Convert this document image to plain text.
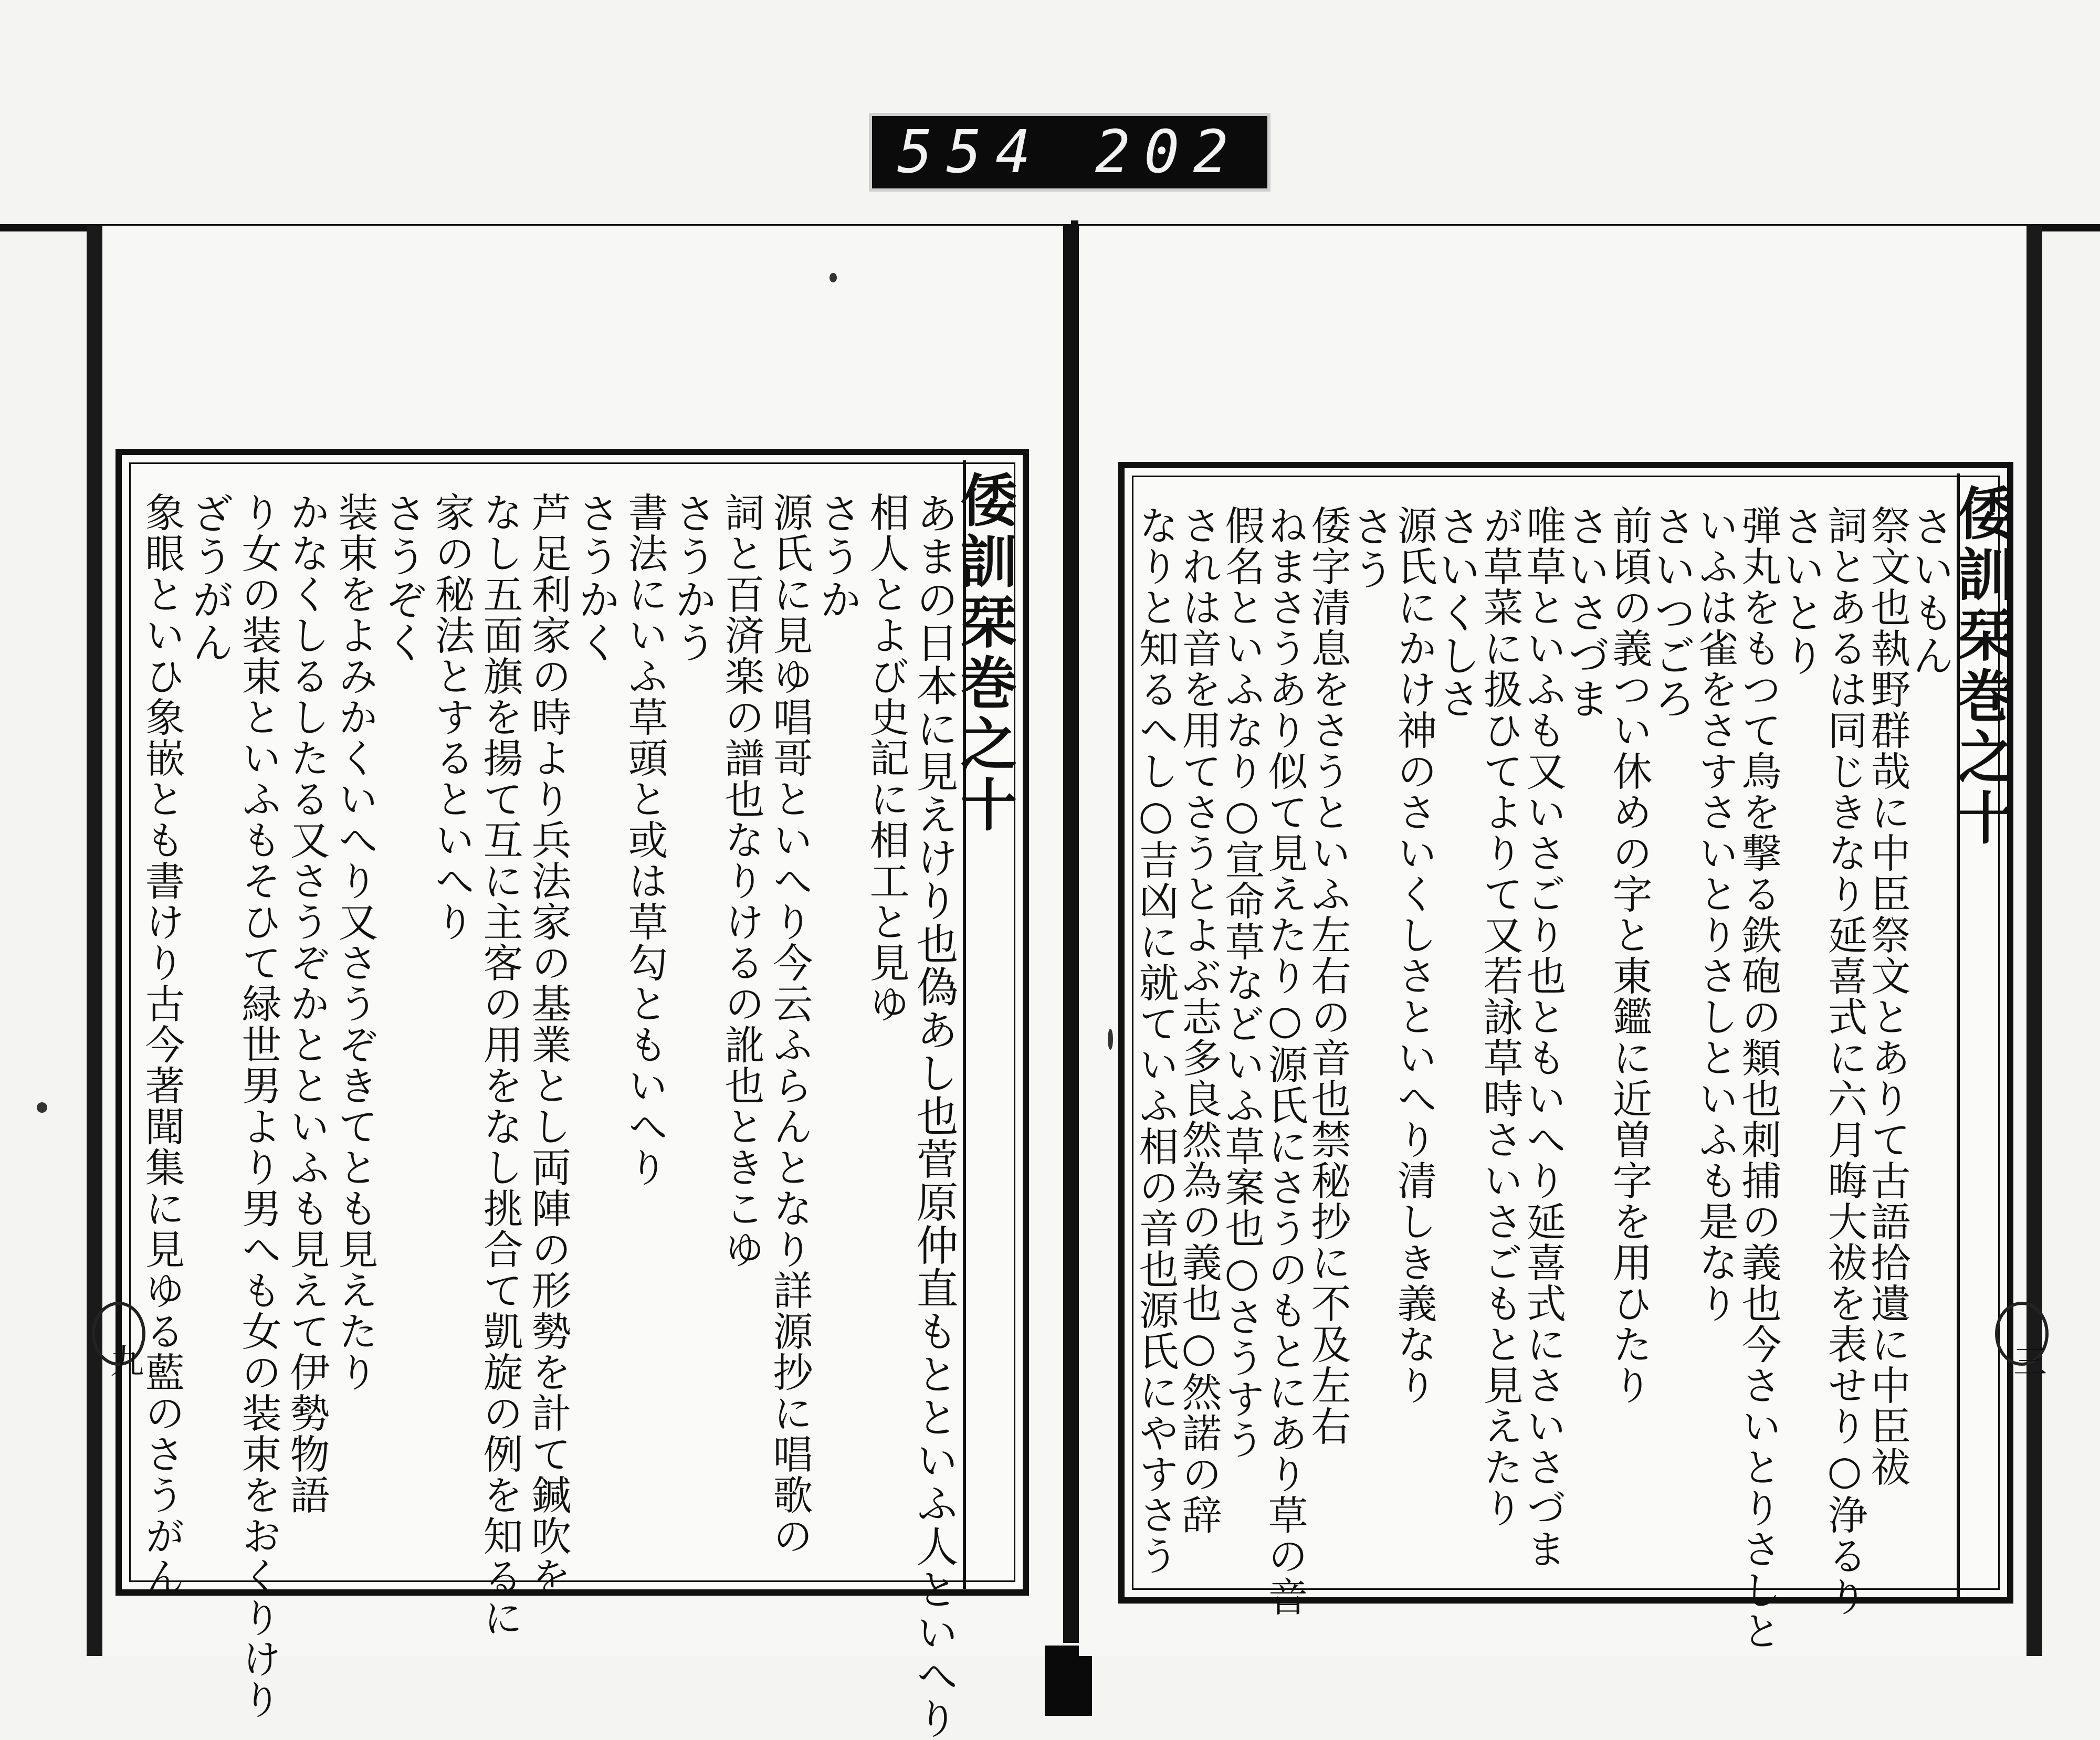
554 202
倭訓栞巻之十
あまの日本に見えけり也偽あし也菅原仲直もとといふ人といへり
相人とよび史記に相工と見ゆ
さうか
源氏に見ゆ唱哥といへり今云ふらんとなり詳源抄に唱歌の
詞と百済楽の譜也なりけるの訛也ときこゆ
さうかう
書法にいふ草頭と或は草勾ともいへり
さうかく
芦足利家の時より兵法家の基業とし両陣の形勢を計て鍼吹を
なし五面旗を揚て互に主客の用をなし挑合て凱旋の例を知るに
家の秘法とするといへり
さうぞく
装束をよみかくいへり又さうぞきてとも見えたり
かなくしるしたる又さうぞかとといふも見えて伊勢物語
り女の装束といふもそひて緑世男より男へも女の装束をおくりけり
ざうがん
象眼といひ象嵌とも書けり古今著聞集に見ゆる藍のさうがん
九
倭訓栞巻之十
さいもん
祭文也執野群哉に中臣祭文とありて古語拾遺に中臣祓
詞とあるは同じきなり延喜式に六月晦大祓を表せり○浄るり
さいとり
弾丸をもつて鳥を撃る鉄砲の類也刺捕の義也今さいとりさしと
いふは雀をさすさいとりさしといふも是なり
さいつごろ
前頃の義つい休めの字と東鑑に近曽字を用ひたり
さいさづま
唯草といふも又いさごり也ともいへり延喜式にさいさづま
が草菜に扱ひてよりて又若詠草時さいさごもと見えたり
さいくしさ
源氏にかけ神のさいくしさといへり清しき義なり
さう
倭字清息をさうといふ左右の音也禁秘抄に不及左右
ねまさうあり似て見えたり○源氏にさうのもとにあり草の音
假名といふなり○宣命草などいふ草案也○さうすう
されは音を用てさうとよぶ志多良然為の義也○然諾の辞
なりと知るへし○吉凶に就ていふ相の音也源氏にやすさう	三
